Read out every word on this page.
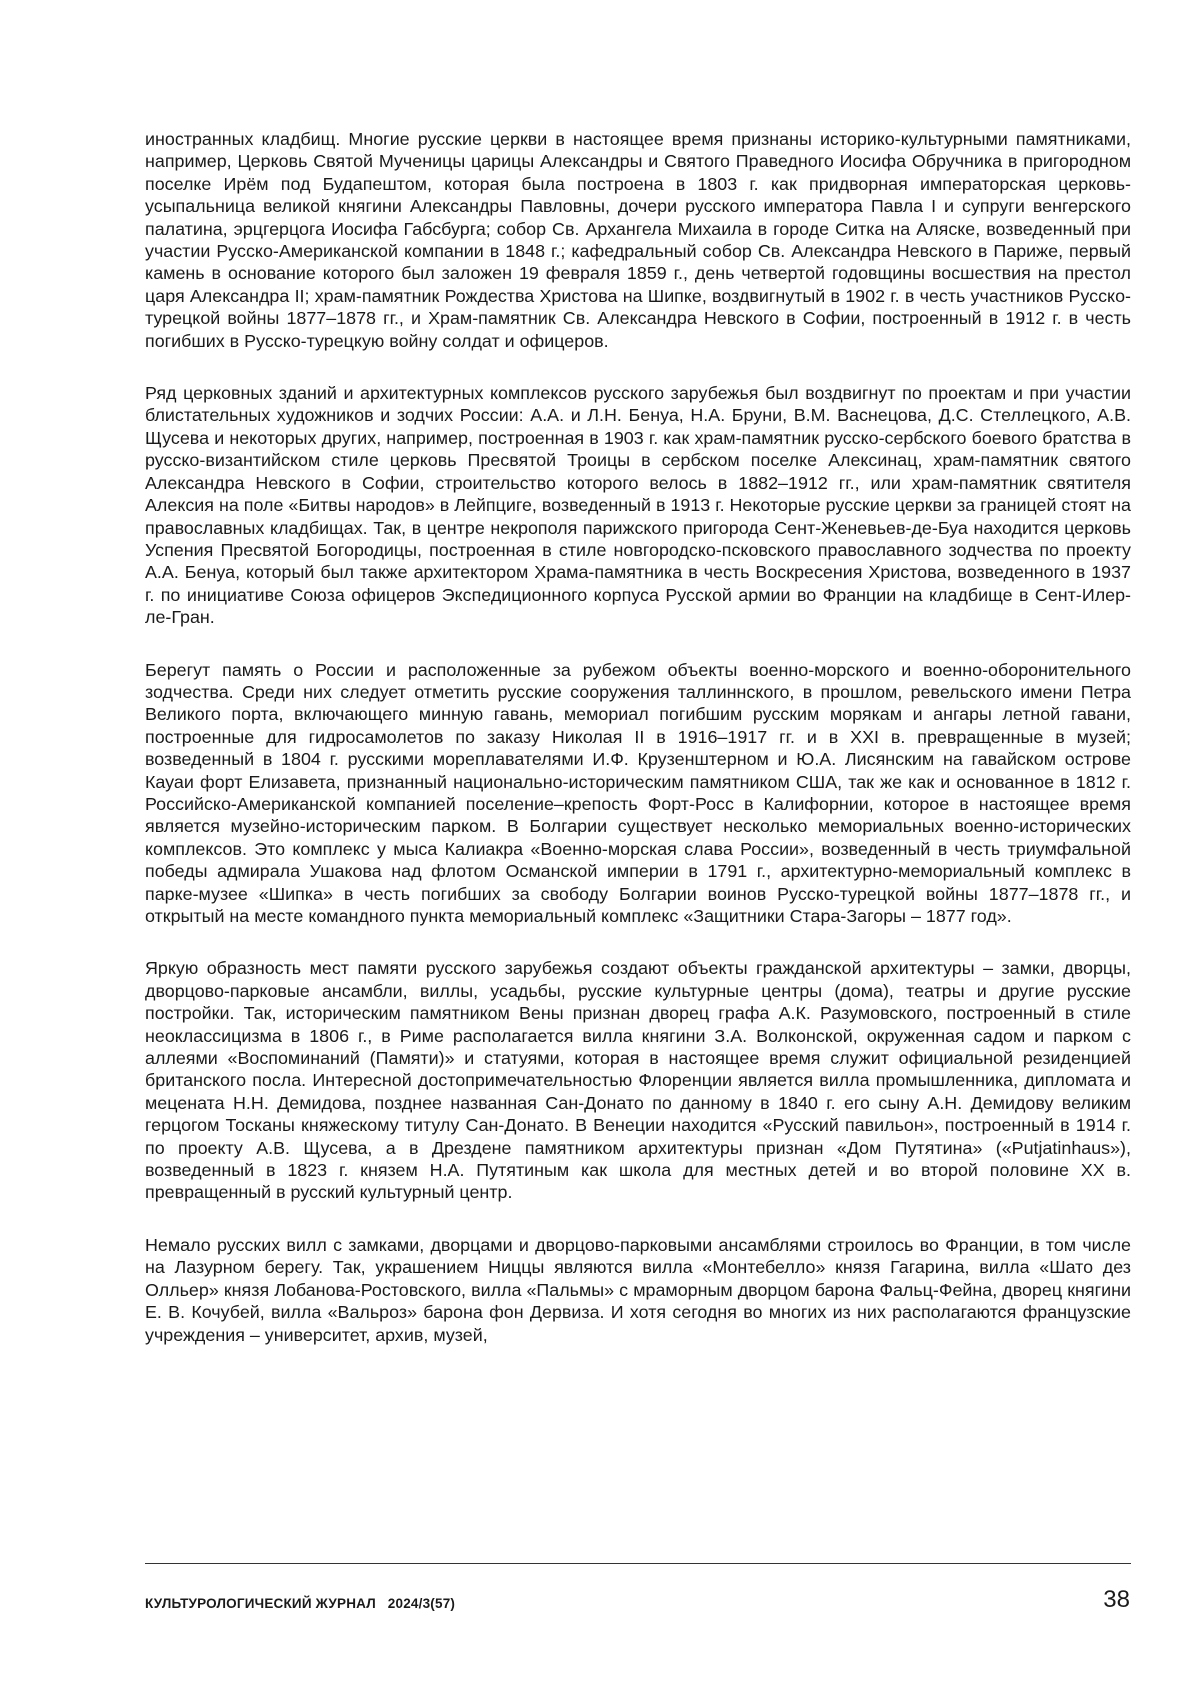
иностранных кладбищ. Многие русские церкви в настоящее время признаны историко-культурными памятниками, например, Церковь Святой Мученицы царицы Александры и Святого Праведного Иосифа Обручника в пригородном поселке Ирём под Будапештом, которая была построена в 1803 г. как придворная императорская церковь-усыпальница великой княгини Александры Павловны, дочери русского императора Павла I и супруги венгерского палатина, эрцгерцога Иосифа Габсбурга; собор Св. Архангела Михаила в городе Ситка на Аляске, возведенный при участии Русско-Американской компании в 1848 г.; кафедральный собор Св. Александра Невского в Париже, первый камень в основание которого был заложен 19 февраля 1859 г., день четвертой годовщины восшествия на престол царя Александра II; храм-памятник Рождества Христова на Шипке, воздвигнутый в 1902 г. в честь участников Русско-турецкой войны 1877–1878 гг., и Храм-памятник Св. Александра Невского в Софии, построенный в 1912 г. в честь погибших в Русско-турецкую войну солдат и офицеров.

Ряд церковных зданий и архитектурных комплексов русского зарубежья был воздвигнут по проектам и при участии блистательных художников и зодчих России: А.А. и Л.Н. Бенуа, Н.А. Бруни, В.М. Васнецова, Д.С. Стеллецкого, А.В. Щусева и некоторых других, например, построенная в 1903 г. как храм-памятник русско-сербского боевого братства в русско-византийском стиле церковь Пресвятой Троицы в сербском поселке Алексинац, храм-памятник святого Александра Невского в Софии, строительство которого велось в 1882–1912 гг., или храм-памятник святителя Алексия на поле «Битвы народов» в Лейпциге, возведенный в 1913 г. Некоторые русские церкви за границей стоят на православных кладбищах. Так, в центре некрополя парижского пригорода Сент-Женевьев-де-Буа находится церковь Успения Пресвятой Богородицы, построенная в стиле новгородско-псковского православного зодчества по проекту А.А. Бенуа, который был также архитектором Храма-памятника в честь Воскресения Христова, возведенного в 1937 г. по инициативе Союза офицеров Экспедиционного корпуса Русской армии во Франции на кладбище в Сент-Илер-ле-Гран.

Берегут память о России и расположенные за рубежом объекты военно-морского и военно-оборонительного зодчества. Среди них следует отметить русские сооружения таллиннского, в прошлом, ревельского имени Петра Великого порта, включающего минную гавань, мемориал погибшим русским морякам и ангары летной гавани, построенные для гидросамолетов по заказу Николая II в 1916–1917 гг. и в XXI в. превращенные в музей; возведенный в 1804 г. русскими мореплавателями И.Ф. Крузенштерном и Ю.А. Лисянским на гавайском острове Кауаи форт Елизавета, признанный национально-историческим памятником США, так же как и основанное в 1812 г. Российско-Американской компанией поселение–крепость Форт-Росс в Калифорнии, которое в настоящее время является музейно-историческим парком. В Болгарии существует несколько мемориальных военно-исторических комплексов. Это комплекс у мыса Калиакра «Военно-морская слава России», возведенный в честь триумфальной победы адмирала Ушакова над флотом Османской империи в 1791 г., архитектурно-мемориальный комплекс в парке-музее «Шипка» в честь погибших за свободу Болгарии воинов Русско-турецкой войны 1877–1878 гг., и открытый на месте командного пункта мемориальный комплекс «Защитники Стара-Загоры – 1877 год».

Яркую образность мест памяти русского зарубежья создают объекты гражданской архитектуры – замки, дворцы, дворцово-парковые ансамбли, виллы, усадьбы, русские культурные центры (дома), театры и другие русские постройки. Так, историческим памятником Вены признан дворец графа А.К. Разумовского, построенный в стиле неоклассицизма в 1806 г., в Риме располагается вилла княгини З.А. Волконской, окруженная садом и парком с аллеями «Воспоминаний (Памяти)» и статуями, которая в настоящее время служит официальной резиденцией британского посла. Интересной достопримечательностью Флоренции является вилла промышленника, дипломата и мецената Н.Н. Демидова, позднее названная Сан-Донато по данному в 1840 г. его сыну А.Н. Демидову великим герцогом Тосканы княжескому титулу Сан-Донато. В Венеции находится «Русский павильон», построенный в 1914 г. по проекту А.В. Щусева, а в Дрездене памятником архитектуры признан «Дом Путятина» («Putjatinhaus»), возведенный в 1823 г. князем Н.А. Путятиным как школа для местных детей и во второй половине XX в. превращенный в русский культурный центр.

Немало русских вилл с замками, дворцами и дворцово-парковыми ансамблями строилось во Франции, в том числе на Лазурном берегу. Так, украшением Ниццы являются вилла «Монтебелло» князя Гагарина, вилла «Шато дез Олльер» князя Лобанова-Ростовского, вилла «Пальмы» с мраморным дворцом барона Фальц-Фейна, дворец княгини Е. В. Кочубей, вилла «Вальроз» барона фон Дервиза. И хотя сегодня во многих из них располагаются французские учреждения – университет, архив, музей,

КУЛЬТУРОЛОГИЧЕСКИЙ ЖУРНАЛ   2024/3(57)	38
